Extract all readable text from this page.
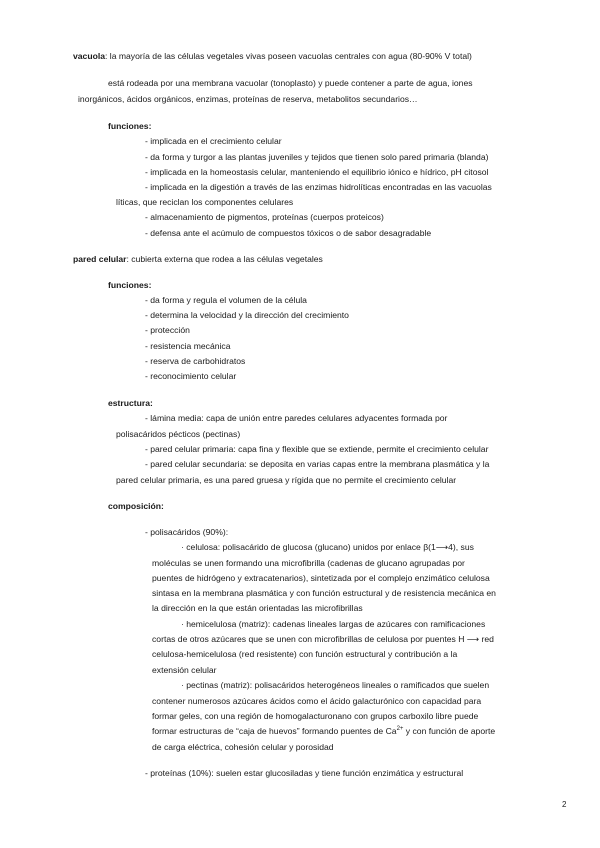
vacuola: la mayoría de las células vegetales vivas poseen vacuolas centrales con agua (80-90% V total)
está rodeada por una membrana vacuolar (tonoplasto) y puede contener a parte de agua, iones
inorgánicos, ácidos orgánicos, enzimas, proteínas de reserva, metabolitos secundarios…
funciones:
- implicada en el crecimiento celular
- da forma y turgor a las plantas juveniles y tejidos que tienen solo pared primaria (blanda)
- implicada en la homeostasis celular, manteniendo el equilibrio iónico e hídrico, pH citosol
- implicada en la digestión a través de las enzimas hidrolíticas encontradas en las vacuolas
líticas, que reciclan los componentes celulares
- almacenamiento de pigmentos, proteínas (cuerpos proteicos)
- defensa ante el acúmulo de compuestos tóxicos o de sabor desagradable
pared celular: cubierta externa que rodea a las células vegetales
funciones:
- da forma y regula el volumen de la célula
- determina la velocidad y la dirección del crecimiento
- protección
- resistencia mecánica
- reserva de carbohidratos
- reconocimiento celular
estructura:
- lámina media: capa de unión entre paredes celulares adyacentes formada por
polisacáridos pécticos (pectinas)
- pared celular primaria: capa fina y flexible que se extiende, permite el crecimiento celular
- pared celular secundaria: se deposita en varias capas entre la membrana plasmática y la
pared celular primaria, es una pared gruesa y rígida que no permite el crecimiento celular
composición:
- polisacáridos (90%):
· celulosa: polisacárido de glucosa (glucano) unidos por enlace β(1⟶4), sus
moléculas se unen formando una microfibrilla (cadenas de glucano agrupadas por
puentes de hidrógeno y extracatenarios), sintetizada por el complejo enzimático celulosa
sintasa en la membrana plasmática y con función estructural y de resistencia mecánica en
la dirección en la que están orientadas las microfibrillas
· hemicelulosa (matriz): cadenas lineales largas de azúcares con ramificaciones
cortas de otros azúcares que se unen con microfibrillas de celulosa por puentes H ⟶ red
celulosa-hemicelulosa (red resistente) con función estructural y contribución a la
extensión celular
· pectinas (matriz): polisacáridos heterogéneos lineales o ramificados que suelen
contener numerosos azúcares ácidos como el ácido galacturónico con capacidad para
formar geles, con una región de homogalacturonano con grupos carboxilo libre puede
formar estructuras de “caja de huevos” formando puentes de $Ca^{2+}$ y con función de aporte
de carga eléctrica, cohesión celular y porosidad
- proteínas (10%): suelen estar glucosiladas y tiene función enzimática y estructural
2
